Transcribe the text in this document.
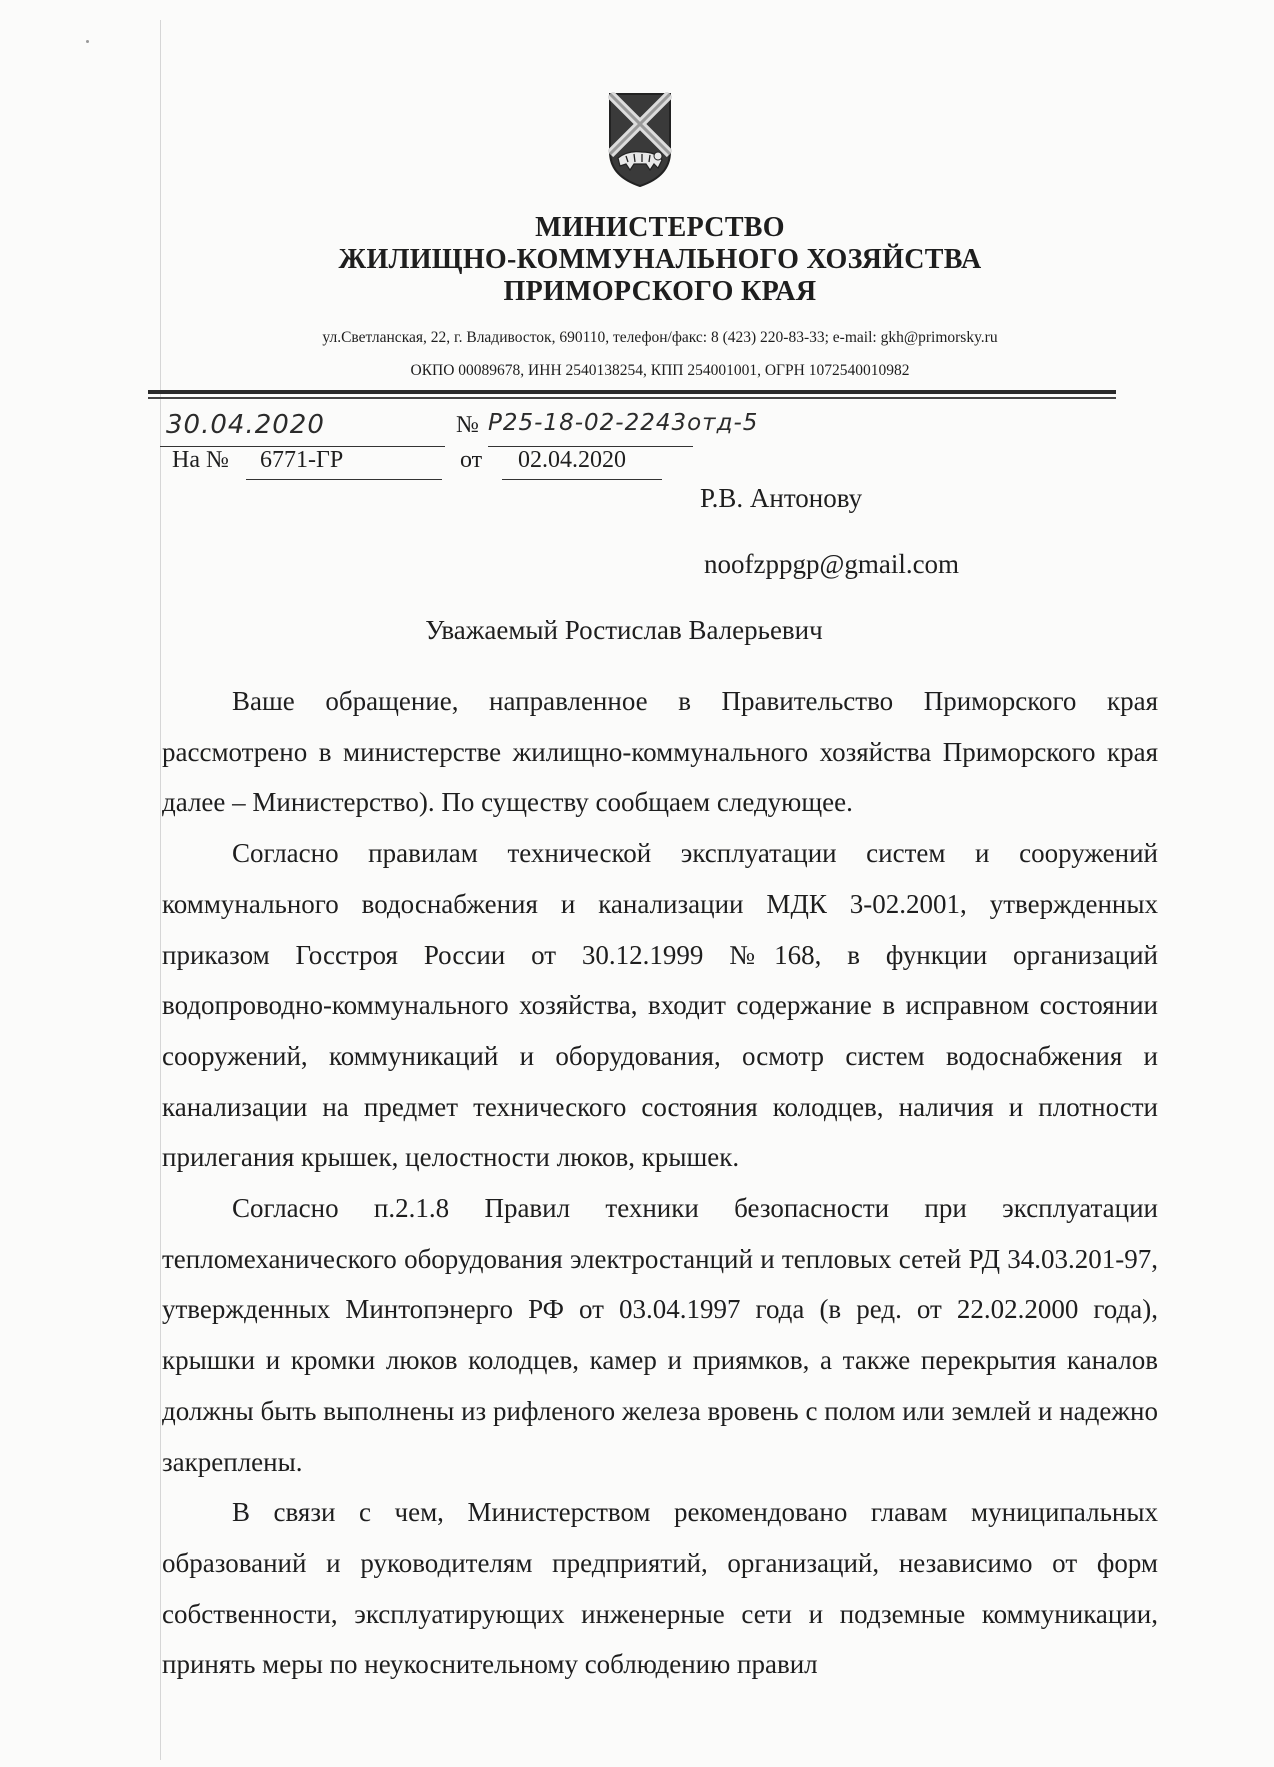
МИНИСТЕРСТВО
ЖИЛИЩНО-КОММУНАЛЬНОГО ХОЗЯЙСТВА
ПРИМОРСКОГО КРАЯ
ул.Светланская, 22, г. Владивосток, 690110, телефон/факс: 8 (423) 220-83-33; e-mail: gkh@primorsky.ru
ОКПО 00089678, ИНН 2540138254, КПП 254001001, ОГРН 1072540010982
30.04.2020	№ Р25-18-02-2243отд-5
На № 6771-ГР	от 02.04.2020
Р.В. Антонову
noofzppgp@gmail.com
Уважаемый Ростислав Валерьевич

Ваше обращение, направленное в Правительство Приморского края рассмотрено в министерстве жилищно-коммунального хозяйства Приморского края далее – Министерство). По существу сообщаем следующее.

Согласно правилам технической эксплуатации систем и сооружений коммунального водоснабжения и канализации МДК 3-02.2001, утвержденных приказом Госстроя России от 30.12.1999 №168, в функции организаций водопроводно-коммунального хозяйства, входит содержание в исправном состоянии сооружений, коммуникаций и оборудования, осмотр систем водоснабжения и канализации на предмет технического состояния колодцев, наличия и плотности прилегания крышек, целостности люков, крышек.

Согласно п.2.1.8 Правил техники безопасности при эксплуатации тепломеханического оборудования электростанций и тепловых сетей РД 34.03.201-97, утвержденных Минтопэнерго РФ от 03.04.1997 года (в ред. от 22.02.2000 года), крышки и кромки люков колодцев, камер и приямков, а также перекрытия каналов должны быть выполнены из рифленого железа вровень с полом или землей и надежно закреплены.

В связи с чем, Министерством рекомендовано главам муниципальных образований и руководителям предприятий, организаций, независимо от форм собственности, эксплуатирующих инженерные сети и подземные коммуникации, принять меры по неукоснительному соблюдению правил
